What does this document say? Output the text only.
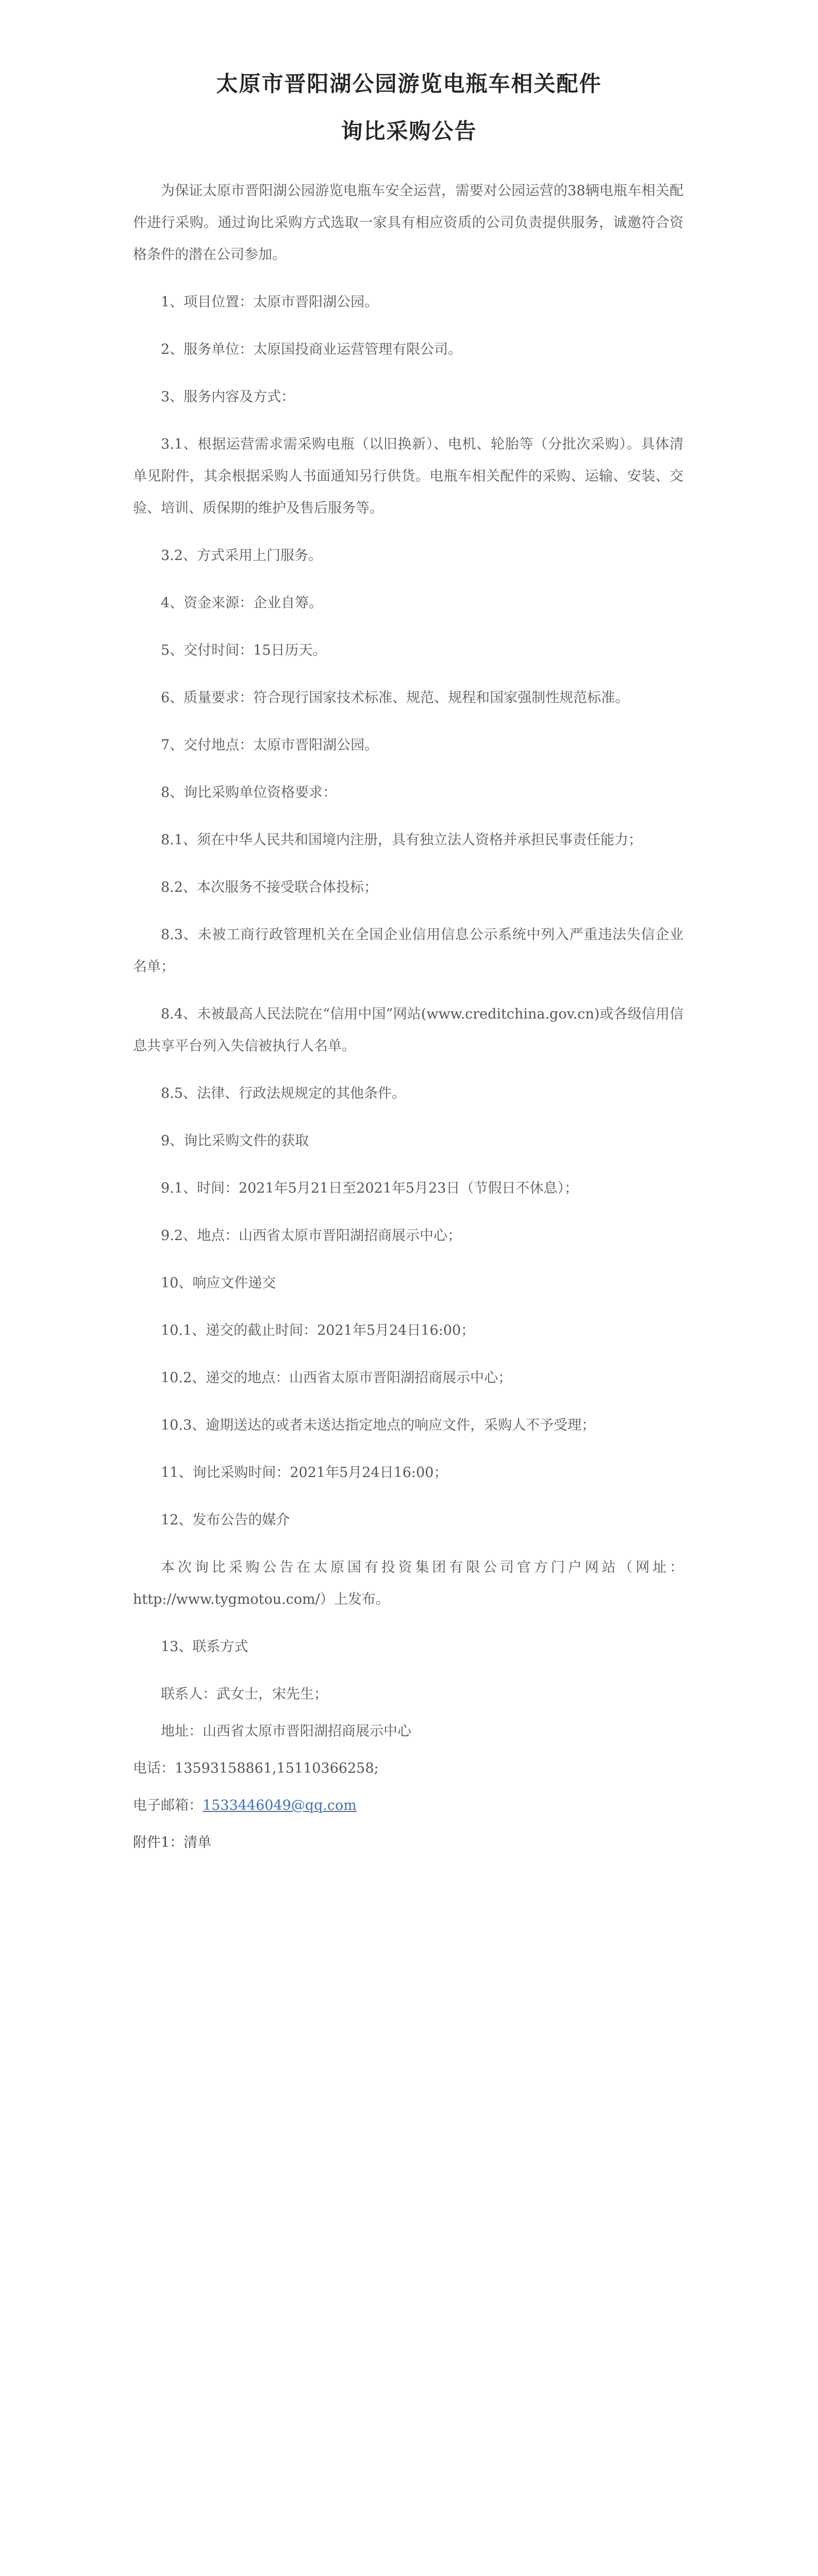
太原市晋阳湖公园游览电瓶车相关配件

询比采购公告

为保证太原市晋阳湖公园游览电瓶车安全运营，需要对公园运营的38辆电瓶车相关配件进行采购。通过询比采购方式选取一家具有相应资质的公司负责提供服务，诚邀符合资格条件的潜在公司参加。

1、项目位置：太原市晋阳湖公园。

2、服务单位：太原国投商业运营管理有限公司。

3、服务内容及方式：

3.1、根据运营需求需采购电瓶（以旧换新）、电机、轮胎等（分批次采购）。具体清单见附件，其余根据采购人书面通知另行供货。电瓶车相关配件的采购、运输、安装、交验、培训、质保期的维护及售后服务等。

3.2、方式采用上门服务。

4、资金来源：企业自筹。

5、交付时间：15日历天。

6、质量要求：符合现行国家技术标准、规范、规程和国家强制性规范标准。

7、交付地点：太原市晋阳湖公园。

8、询比采购单位资格要求：

8.1、须在中华人民共和国境内注册，具有独立法人资格并承担民事责任能力；

8.2、本次服务不接受联合体投标；

8.3、未被工商行政管理机关在全国企业信用信息公示系统中列入严重违法失信企业名单；

8.4、未被最高人民法院在“信用中国”网站(www.creditchina.gov.cn)或各级信用信息共享平台列入失信被执行人名单。

8.5、法律、行政法规规定的其他条件。

9、询比采购文件的获取

9.1、时间：2021年5月21日至2021年5月23日（节假日不休息）；

9.2、地点：山西省太原市晋阳湖招商展示中心；

10、响应文件递交

10.1、递交的截止时间：2021年5月24日16:00；

10.2、递交的地点：山西省太原市晋阳湖招商展示中心；

10.3、逾期送达的或者未送达指定地点的响应文件，采购人不予受理；

11、询比采购时间：2021年5月24日16:00；

12、发布公告的媒介

本次询比采购公告在太原国有投资集团有限公司官方门户网站（网址：http://www.tygmotou.com/）上发布。

13、联系方式

联系人：武女士，宋先生；

地址：山西省太原市晋阳湖招商展示中心

电话：13593158861,15110366258;

电子邮箱：1533446049@qq.com

附件1：清单
